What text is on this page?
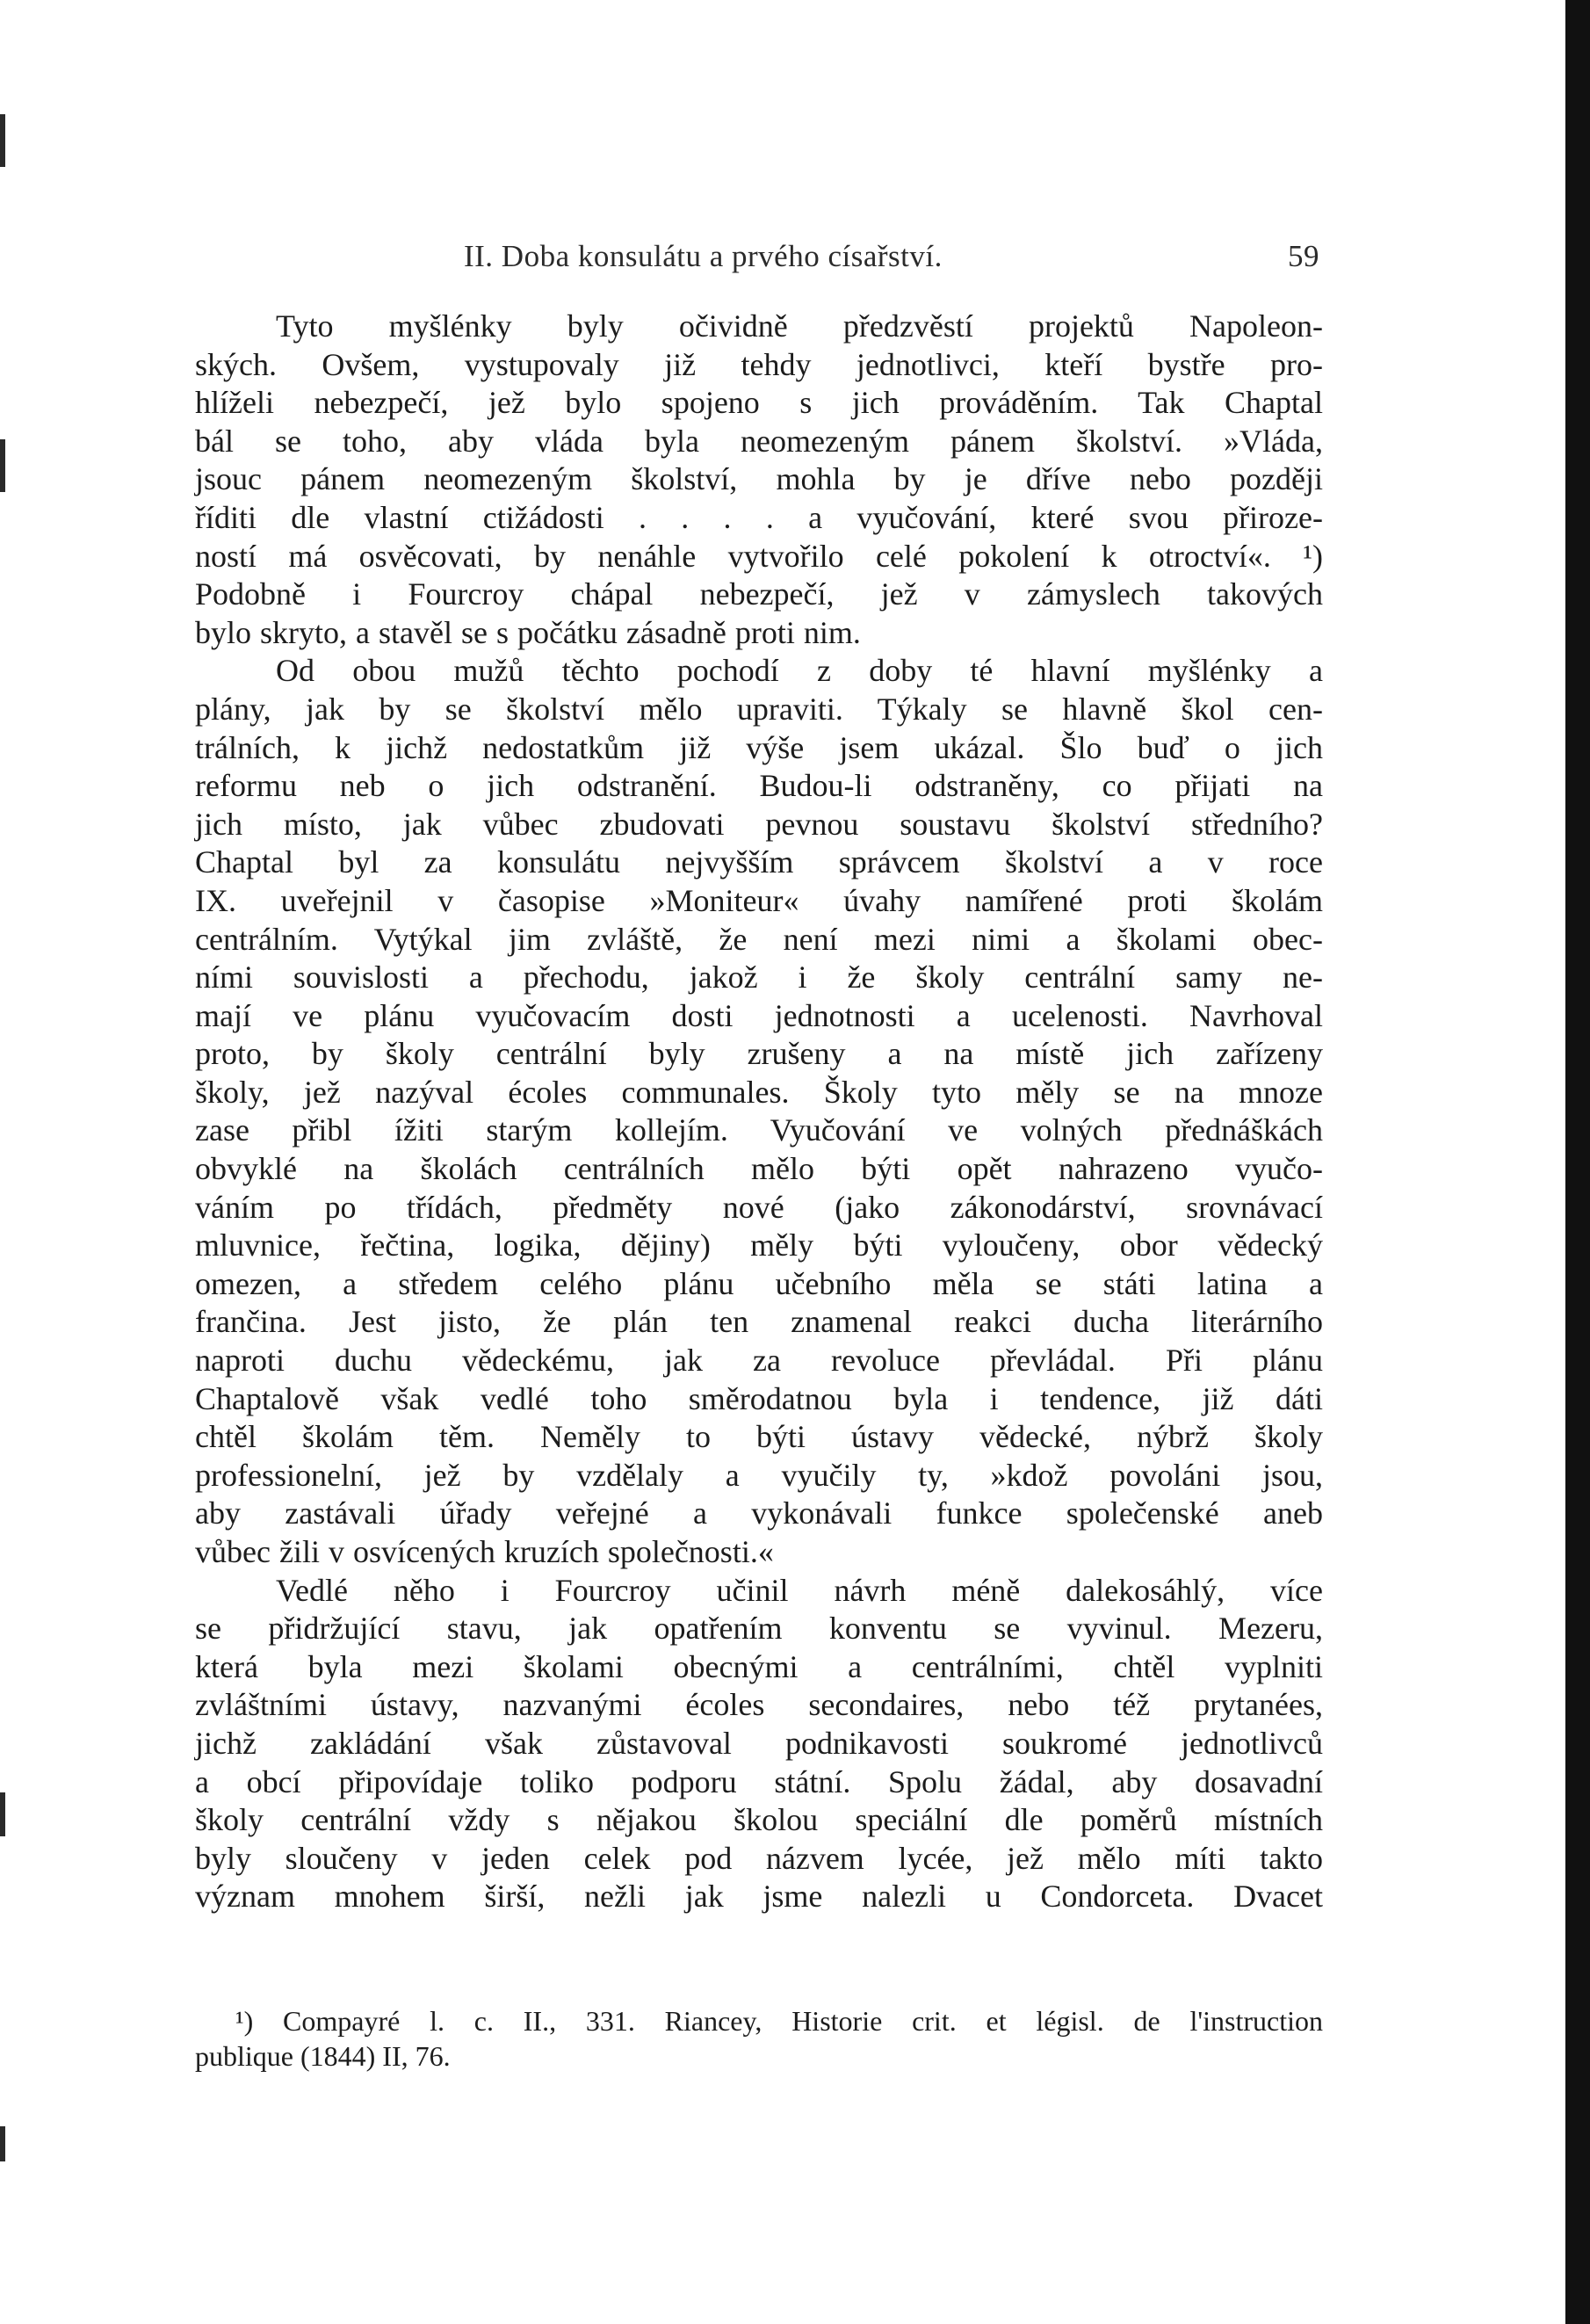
II. Doba konsulátu a prvého císařství.	59
Tyto myšlénky byly očividně předzvěstí projektů Napoleon-
ských. Ovšem, vystupovaly již tehdy jednotlivci, kteří bystře pro-
hlíželi nebezpečí, jež bylo spojeno s jich prováděním. Tak Chaptal
bál se toho, aby vláda byla neomezeným pánem školství. »Vláda,
jsouc pánem neomezeným školství, mohla by je dříve nebo později
říditi dle vlastní ctižádosti . . . . a vyučování, které svou přiroze-
ností má osvěcovati, by nenáhle vytvořilo celé pokolení k otroctví«. ¹)
Podobně i Fourcroy chápal nebezpečí, jež v zámyslech takových
bylo skryto, a stavěl se s počátku zásadně proti nim.
Od obou mužů těchto pochodí z doby té hlavní myšlénky a
plány, jak by se školství mělo upraviti. Týkaly se hlavně škol cen-
trálních, k jichž nedostatkům již výše jsem ukázal. Šlo buď o jich
reformu neb o jich odstranění. Budou-li odstraněny, co přijati na
jich místo, jak vůbec zbudovati pevnou soustavu školství středního?
Chaptal byl za konsulátu nejvyšším správcem školství a v roce
IX. uveřejnil v časopise »Moniteur« úvahy namířené proti školám
centrálním. Vytýkal jim zvláště, že není mezi nimi a školami obec-
ními souvislosti a přechodu, jakož i že školy centrální samy ne-
mají ve plánu vyučovacím dosti jednotnosti a ucelenosti. Navrhoval
proto, by školy centrální byly zrušeny a na místě jich zařízeny
školy, jež nazýval écoles communales. Školy tyto měly se na mnoze
zase přibl ížiti starým kollejím. Vyučování ve volných přednáškách
obvyklé na školách centrálních mělo býti opět nahrazeno vyučo-
váním po třídách, předměty nové (jako zákonodárství, srovnávací
mluvnice, řečtina, logika, dějiny) měly býti vyloučeny, obor vědecký
omezen, a středem celého plánu učebního měla se státi latina a
frančina. Jest jisto, že plán ten znamenal reakci ducha literárního
naproti duchu vědeckému, jak za revoluce převládal. Při plánu
Chaptalově však vedlé toho směrodatnou byla i tendence, již dáti
chtěl školám těm. Neměly to býti ústavy vědecké, nýbrž školy
professionelní, jež by vzdělaly a vyučily ty, »kdož povoláni jsou,
aby zastávali úřady veřejné a vykonávali funkce společenské aneb
vůbec žili v osvícených kruzích společnosti.«
Vedlé něho i Fourcroy učinil návrh méně dalekosáhlý, více
se přidržující stavu, jak opatřením konventu se vyvinul. Mezeru,
která byla mezi školami obecnými a centrálními, chtěl vyplniti
zvláštními ústavy, nazvanými écoles secondaires, nebo též prytanées,
jichž zakládání však zůstavoval podnikavosti soukromé jednotlivců
a obcí připovídaje toliko podporu státní. Spolu žádal, aby dosavadní
školy centrální vždy s nějakou školou speciální dle poměrů místních
byly sloučeny v jeden celek pod názvem lycée, jež mělo míti takto
význam mnohem širší, nežli jak jsme nalezli u Condorceta. Dvacet
¹) Compayré l. c. II., 331. Riancey, Historie crit. et législ. de l'instruction
publique (1844) II, 76.
